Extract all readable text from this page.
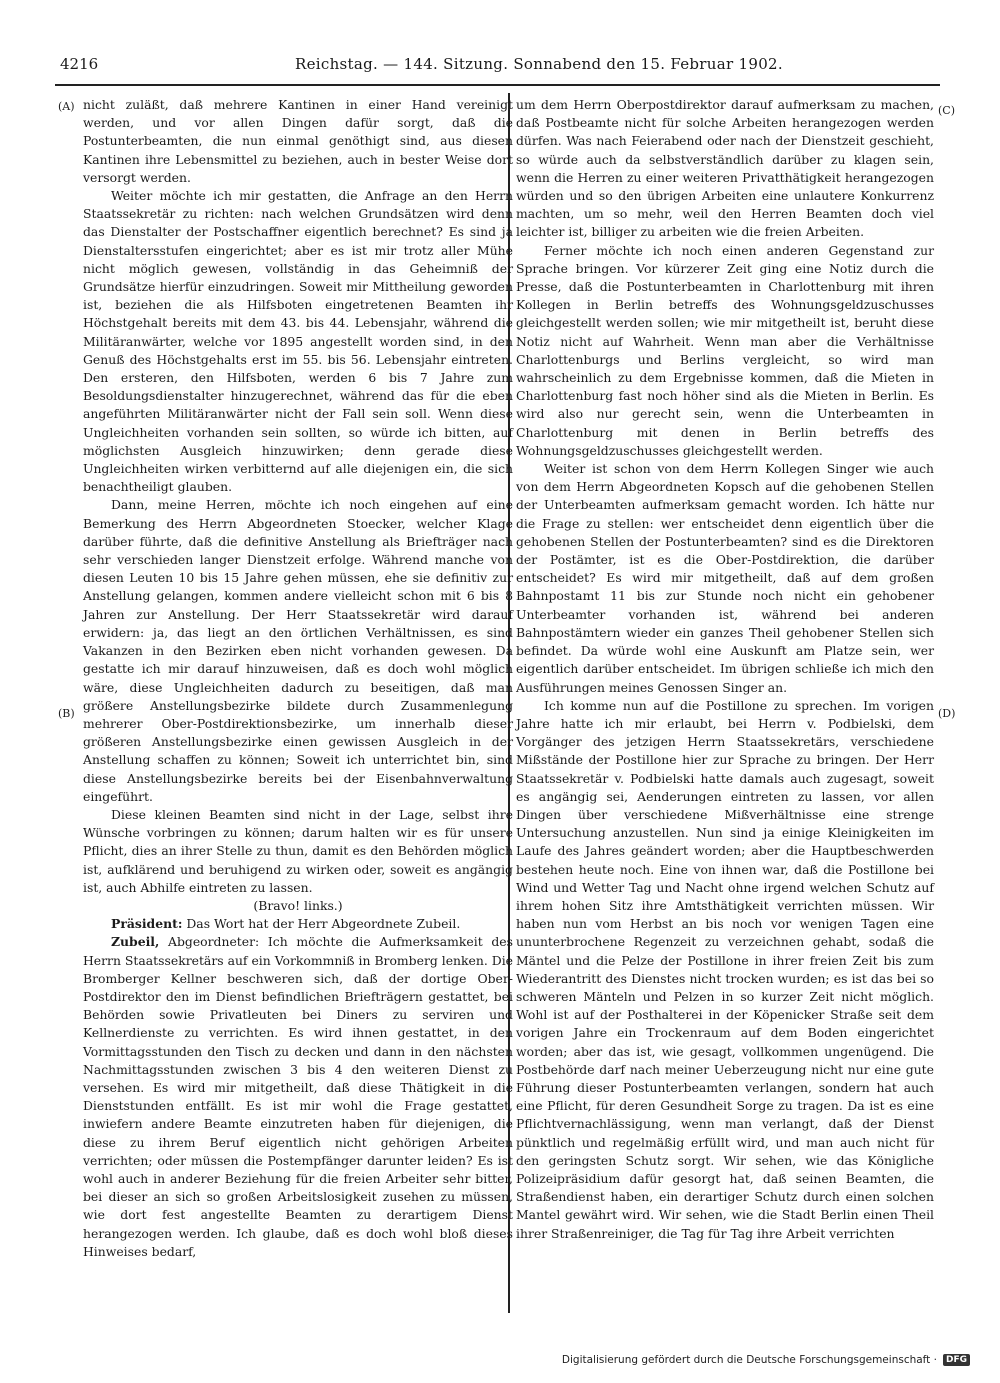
4216	Reichstag. — 144. Sitzung. Sonnabend den 15. Februar 1902.
(A)
(B)
(C)
(D)

nicht zuläßt, daß mehrere Kantinen in einer Hand vereinigt werden, und vor allen Dingen dafür sorgt, daß die Postunterbeamten, die nun einmal genöthigt sind, aus diesen Kantinen ihre Lebensmittel zu beziehen, auch in bester Weise dort versorgt werden.

Weiter möchte ich mir gestatten, die Anfrage an den Herrn Staatssekretär zu richten: nach welchen Grundsätzen wird denn das Dienstalter der Postschaffner eigentlich berechnet? Es sind ja Dienstaltersstufen eingerichtet; aber es ist mir trotz aller Mühe nicht möglich gewesen, vollständig in das Geheimniß der Grundsätze hierfür einzudringen. Soweit mir Mittheilung geworden ist, beziehen die als Hilfsboten eingetretenen Beamten ihr Höchstgehalt bereits mit dem 43. bis 44. Lebensjahr, während die Militäranwärter, welche vor 1895 angestellt worden sind, in den Genuß des Höchstgehalts erst im 55. bis 56. Lebensjahr eintreten. Den ersteren, den Hilfsboten, werden 6 bis 7 Jahre zum Besoldungsdienstalter hinzugerechnet, während das für die eben angeführten Militäranwärter nicht der Fall sein soll. Wenn diese Ungleichheiten vorhanden sein sollten, so würde ich bitten, auf möglichsten Ausgleich hinzuwirken; denn gerade diese Ungleichheiten wirken verbitternd auf alle diejenigen ein, die sich benachtheiligt glauben.

Dann, meine Herren, möchte ich noch eingehen auf eine Bemerkung des Herrn Abgeordneten Stoecker, welcher Klage darüber führte, daß die definitive Anstellung als Briefträger nach sehr verschieden langer Dienstzeit erfolge. Während manche von diesen Leuten 10 bis 15 Jahre gehen müssen, ehe sie definitiv zur Anstellung gelangen, kommen andere vielleicht schon mit 6 bis 8 Jahren zur Anstellung. Der Herr Staatssekretär wird darauf erwidern: ja, das liegt an den örtlichen Verhältnissen, es sind Vakanzen in den Bezirken eben nicht vorhanden gewesen. Da gestatte ich mir darauf hinzuweisen, daß es doch wohl möglich wäre, diese Ungleichheiten dadurch zu beseitigen, daß man größere Anstellungsbezirke bildete durch Zusammenlegung mehrerer Ober-Postdirektionsbezirke, um innerhalb dieser größeren Anstellungsbezirke einen gewissen Ausgleich in der Anstellung schaffen zu können; Soweit ich unterrichtet bin, sind diese Anstellungsbezirke bereits bei der Eisenbahnverwaltung eingeführt.

Diese kleinen Beamten sind nicht in der Lage, selbst ihre Wünsche vorbringen zu können; darum halten wir es für unsere Pflicht, dies an ihrer Stelle zu thun, damit es den Behörden möglich ist, aufklärend und beruhigend zu wirken oder, soweit es angängig ist, auch Abhilfe eintreten zu lassen.

(Bravo! links.)

Präsident: Das Wort hat der Herr Abgeordnete Zubeil.

Zubeil, Abgeordneter: Ich möchte die Aufmerksamkeit des Herrn Staatssekretärs auf ein Vorkommniß in Bromberg lenken. Die Bromberger Kellner beschweren sich, daß der dortige Ober-Postdirektor den im Dienst befindlichen Briefträgern gestattet, bei Behörden sowie Privatleuten bei Diners zu serviren und Kellnerdienste zu verrichten. Es wird ihnen gestattet, in den Vormittagsstunden den Tisch zu decken und dann in den nächsten Nachmittagsstunden zwischen 3 bis 4 den weiteren Dienst zu versehen. Es wird mir mitgetheilt, daß diese Thätigkeit in die Dienststunden entfällt. Es ist mir wohl die Frage gestattet, inwiefern andere Beamte einzutreten haben für diejenigen, die diese zu ihrem Beruf eigentlich nicht gehörigen Arbeiten verrichten; oder müssen die Postempfänger darunter leiden? Es ist wohl auch in anderer Beziehung für die freien Arbeiter sehr bitter, bei dieser an sich so großen Arbeitslosigkeit zusehen zu müssen, wie dort fest angestellte Beamten zu derartigem Dienst herangezogen werden. Ich glaube, daß es doch wohl bloß dieses Hinweises bedarf,

um dem Herrn Oberpostdirektor darauf aufmerksam zu machen, daß Postbeamte nicht für solche Arbeiten herangezogen werden dürfen. Was nach Feierabend oder nach der Dienstzeit geschieht, so würde auch da selbstverständlich darüber zu klagen sein, wenn die Herren zu einer weiteren Privatthätigkeit herangezogen würden und so den übrigen Arbeiten eine unlautere Konkurrenz machten, um so mehr, weil den Herren Beamten doch viel leichter ist, billiger zu arbeiten wie die freien Arbeiten.

Ferner möchte ich noch einen anderen Gegenstand zur Sprache bringen. Vor kürzerer Zeit ging eine Notiz durch die Presse, daß die Postunterbeamten in Charlottenburg mit ihren Kollegen in Berlin betreffs des Wohnungsgeldzuschusses gleichgestellt werden sollen; wie mir mitgetheilt ist, beruht diese Notiz nicht auf Wahrheit. Wenn man aber die Verhältnisse Charlottenburgs und Berlins vergleicht, so wird man wahrscheinlich zu dem Ergebnisse kommen, daß die Mieten in Charlottenburg fast noch höher sind als die Mieten in Berlin. Es wird also nur gerecht sein, wenn die Unterbeamten in Charlottenburg mit denen in Berlin betreffs des Wohnungsgeldzuschusses gleichgestellt werden.

Weiter ist schon von dem Herrn Kollegen Singer wie auch von dem Herrn Abgeordneten Kopsch auf die gehobenen Stellen der Unterbeamten aufmerksam gemacht worden. Ich hätte nur die Frage zu stellen: wer entscheidet denn eigentlich über die gehobenen Stellen der Postunterbeamten? sind es die Direktoren der Postämter, ist es die Ober-Postdirektion, die darüber entscheidet? Es wird mir mitgetheilt, daß auf dem großen Bahnpostamt 11 bis zur Stunde noch nicht ein gehobener Unterbeamter vorhanden ist, während bei anderen Bahnpostämtern wieder ein ganzes Theil gehobener Stellen sich befindet. Da würde wohl eine Auskunft am Platze sein, wer eigentlich darüber entscheidet. Im übrigen schließe ich mich den Ausführungen meines Genossen Singer an.

Ich komme nun auf die Postillone zu sprechen. Im vorigen Jahre hatte ich mir erlaubt, bei Herrn v. Podbielski, dem Vorgänger des jetzigen Herrn Staatssekretärs, verschiedene Mißstände der Postillone hier zur Sprache zu bringen. Der Herr Staatssekretär v. Podbielski hatte damals auch zugesagt, soweit es angängig sei, Aenderungen eintreten zu lassen, vor allen Dingen über verschiedene Mißverhältnisse eine strenge Untersuchung anzustellen. Nun sind ja einige Kleinigkeiten im Laufe des Jahres geändert worden; aber die Hauptbeschwerden bestehen heute noch. Eine von ihnen war, daß die Postillone bei Wind und Wetter Tag und Nacht ohne irgend welchen Schutz auf ihrem hohen Sitz ihre Amtsthätigkeit verrichten müssen. Wir haben nun vom Herbst an bis noch vor wenigen Tagen eine ununterbrochene Regenzeit zu verzeichnen gehabt, sodaß die Mäntel und die Pelze der Postillone in ihrer freien Zeit bis zum Wiederantritt des Dienstes nicht trocken wurden; es ist das bei so schweren Mänteln und Pelzen in so kurzer Zeit nicht möglich. Wohl ist auf der Posthalterei in der Köpenicker Straße seit dem vorigen Jahre ein Trockenraum auf dem Boden eingerichtet worden; aber das ist, wie gesagt, vollkommen ungenügend. Die Postbehörde darf nach meiner Ueberzeugung nicht nur eine gute Führung dieser Postunterbeamten verlangen, sondern hat auch eine Pflicht, für deren Gesundheit Sorge zu tragen. Da ist es eine Pflichtvernachlässigung, wenn man verlangt, daß der Dienst pünktlich und regelmäßig erfüllt wird, und man auch nicht für den geringsten Schutz sorgt. Wir sehen, wie das Königliche Polizeipräsidium dafür gesorgt hat, daß seinen Beamten, die Straßendienst haben, ein derartiger Schutz durch einen solchen Mantel gewährt wird. Wir sehen, wie die Stadt Berlin einen Theil ihrer Straßenreiniger, die Tag für Tag ihre Arbeit verrichten

Digitalisierung gefördert durch die Deutsche Forschungsgemeinschaft ·	DFG
